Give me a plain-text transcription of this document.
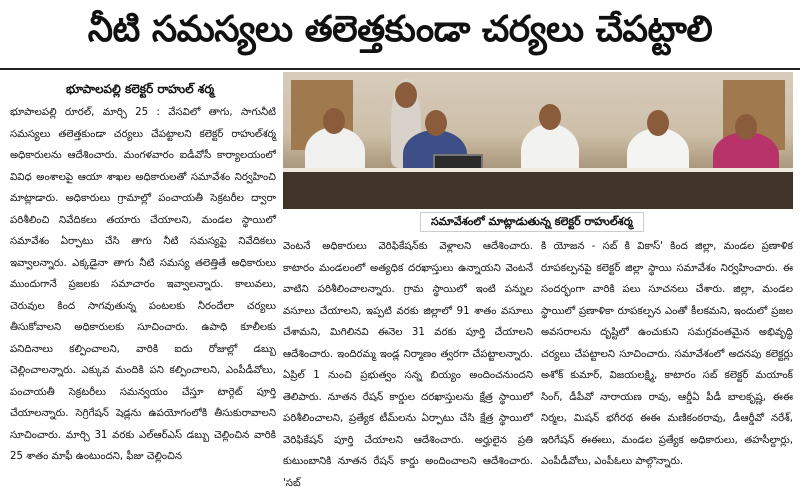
నీటి సమస్యలు తలెత్తకుండా చర్యలు చేపట్టాలి
భూపాలపల్లి కలెక్టర్ రాహుల్ శర్మ

భూపాలపల్లి రూరల్, మార్చి 25 : వేసవిలో తాగు, సాగునీటి సమస్యలు తలెత్తకుండా చర్యలు చేపట్టాలని కలెక్టర్ రాహుల్‌శర్మ అధికారులను ఆదేశించారు. మంగళవారం ఐడీవోసీ కార్యాలయంలో వివిధ అంశాలపై ఆయా శాఖల అధికారులతో సమావేశం నిర్వహించి మాట్లాడారు. అధికారులు గ్రామాల్లో పంచాయతీ సెక్రటరీల ద్వారా పరిశీలించి నివేదికలు తయారు చేయాలని, మండల స్థాయిలో సమావేశం ఏర్పాటు చేసి తాగు నీటి సమస్యపై నివేదికలు ఇవ్వాలన్నారు. ఎక్కడైనా తాగు నీటి సమస్య తలెత్తితే అధికారులు ముందుగానే ప్రజలకు సమాచారం ఇవ్వాలన్నారు. కాలువలు, చెరువుల కింద సాగవుతున్న పంటలకు నీరందేలా చర్యలు తీసుకోవాలని అధికారులకు సూచించారు. ఉపాధి కూలీలకు పనిదినాలు కల్పించాలని, వారికి ఐదు రోజుల్లో డబ్బు చెల్లించాలన్నారు. ఎక్కువ మందికి పని కల్పించాలని, ఎంపీడీవోలు, పంచాయతీ సెక్రటరీలు సమన్వయం చేస్తూ టార్గెట్ పూర్తి చేయాలన్నారు. సెగ్రిగేషన్ షెడ్లను ఉపయోగంలోకి తీసుకురావాలని సూచించారు. మార్చి 31 వరకు ఎల్‌ఆర్‌ఎస్ డబ్బు చెల్లించిన వారికి 25 శాతం మాఫీ ఉంటుందని, ఫీజు చెల్లించిన

సమావేశంలో మాట్లాడుతున్న కలెక్టర్ రాహుల్‌శర్మ

వెంటనే అధికారులు వెరిఫికేషన్‌కు వెళ్లాలని ఆదేశించారు. కాటారం మండలంలో అత్యధిక దరఖాస్తులు ఉన్నాయని వెంటనే వాటిని పరిశీలించాలన్నారు. గ్రామ స్థాయిలో ఇంటి పన్నుల వసూలు చేయాలని, ఇప్పటి వరకు జిల్లాలో 91 శాతం వసూలు చేశామని, మిగిలినవి ఈనెల 31 వరకు పూర్తి చేయాలని ఆదేశించారు. ఇందిరమ్మ ఇండ్ల నిర్మాణం త్వరగా చేపట్టాలన్నారు. ఏప్రిల్ 1 నుంచి ప్రభుత్వం సన్న బియ్యం అందించనుందని తెలిపారు. నూతన రేషన్ కార్డుల దరఖాస్తులను క్షేత్ర స్థాయిలో పరిశీలించాలని, ప్రత్యేక టీమ్‌లను ఏర్పాటు చేసి క్షేత్ర స్థాయిలో వెరిఫికేషన్ పూర్తి చేయాలని ఆదేశించారు. అర్హులైన ప్రతి కుటుంబానికి నూతన రేషన్ కార్డు అందించాలని ఆదేశించారు. 'సబ్

కి యోజన - సబ్ కి వికాస్' కింద జిల్లా, మండల ప్రణాళిక రూపకల్పనపై కలెక్టర్ జిల్లా స్థాయి సమావేశం నిర్వహించారు. ఈ సందర్భంగా వారికి పలు సూచనలు చేశారు. జిల్లా, మండల స్థాయిలో ప్రణాళికా రూపకల్పన ఎంతో కీలకమని, ఇందులో ప్రజల అవసరాలను దృష్టిలో ఉంచుకుని సమగ్రవంతమైన అభివృద్ధి చర్యలు చేపట్టాలని సూచించారు. సమావేశంలో అదనపు కలెక్టర్లు అశోక్ కుమార్, విజయలక్ష్మి, కాటారం సబ్ కలెక్టర్ మయాంక్ సింగ్, డీపీవో నారాయణ రావు, ఆర్డీఏ పీడీ బాలకృష్ణ, ఈఈ నిర్మల, మిషన్ భగీరథ ఈఈ మణికంఠరావు, డీఆర్డీవో నరేశ్, ఇరిగేషన్ ఈఈలు, మండల ప్రత్యేక అధికారులు, తహసీల్దార్లు, ఎంపీడీవోలు, ఎంపీఓలు పాల్గొన్నారు.
